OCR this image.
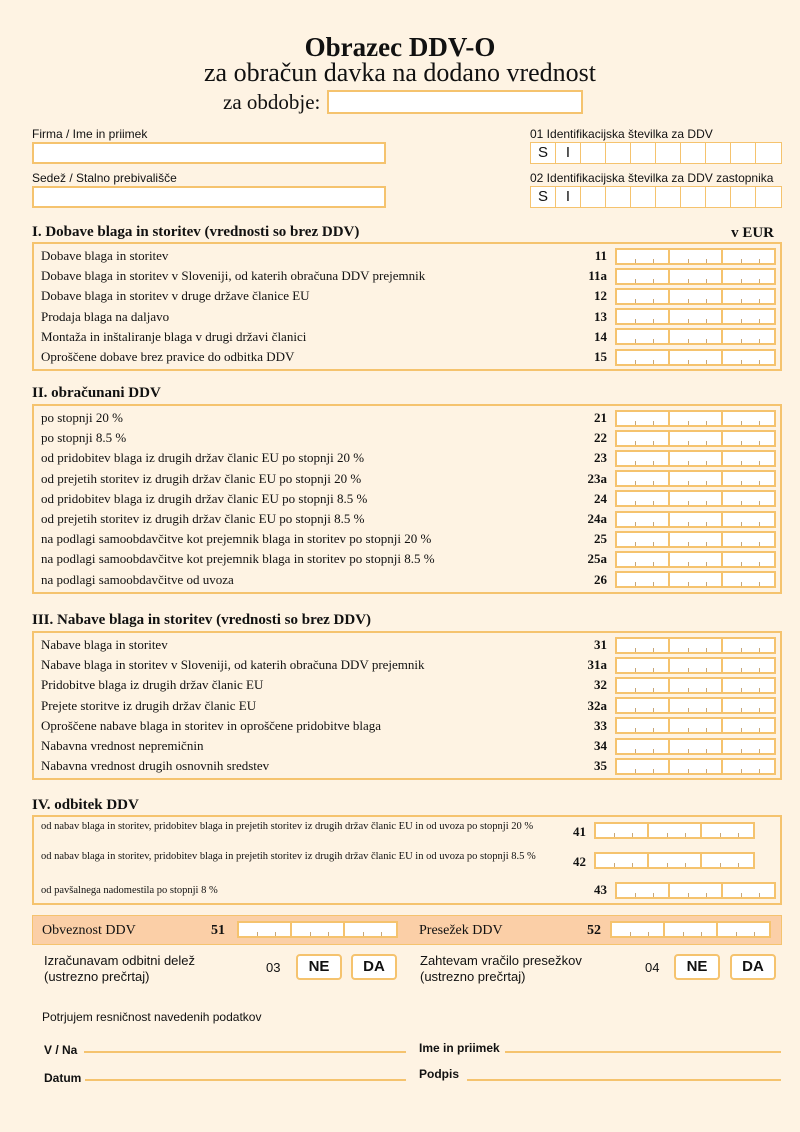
Obrazec DDV-O
za obračun davka na dodano vrednost
za obdobje:
Firma / Ime in priimek
Sedež / Stalno prebivališče
01 Identifikacijska številka za DDV
S	I
02 Identifikacijska številka za DDV zastopnika
S	I
I. Dobave blaga in storitev (vrednosti so brez DDV)	v EUR
Dobave blaga in storitev	11
Dobave blaga in storitev v Sloveniji, od katerih obračuna DDV prejemnik	11a
Dobave blaga in storitev v druge države članice EU	12
Prodaja blaga na daljavo	13
Montaža in inštaliranje blaga v drugi državi članici	14
Oproščene dobave brez pravice do odbitka DDV	15
II. obračunani DDV
po stopnji 20 %	21
po stopnji 8.5 %	22
od pridobitev blaga iz drugih držav članic EU po stopnji 20 %	23
od prejetih storitev iz drugih držav članic EU po stopnji 20 %	23a
od pridobitev blaga iz drugih držav članic EU po stopnji 8.5 %	24
od prejetih storitev iz drugih držav članic EU po stopnji 8.5 %	24a
na podlagi samoobdavčitve kot prejemnik blaga in storitev po stopnji 20 %	25
na podlagi samoobdavčitve kot prejemnik blaga in storitev po stopnji 8.5 %	25a
na podlagi samoobdavčitve od uvoza	26
III. Nabave blaga in storitev (vrednosti so brez DDV)
Nabave blaga in storitev	31
Nabave blaga in storitev v Sloveniji, od katerih obračuna DDV prejemnik	31a
Pridobitve blaga iz drugih držav članic EU	32
Prejete storitve iz drugih držav članic EU	32a
Oproščene nabave blaga in storitev in oproščene pridobitve blaga	33
Nabavna vrednost nepremičnin	34
Nabavna vrednost drugih osnovnih sredstev	35
IV. odbitek DDV
od nabav blaga in storitev, pridobitev blaga in prejetih storitev iz drugih držav članic EU in od uvoza po stopnji 20 %	41
od nabav blaga in storitev, pridobitev blaga in prejetih storitev iz drugih držav članic EU in od uvoza po stopnji 8.5 %	42
od pavšalnega nadomestila po stopnji 8 %	43
Obveznost DDV	51	Presežek DDV	52
Izračunavam odbitni delež
(ustrezno prečrtaj)
03	NE	DA	Zahtevam vračilo presežkov
(ustrezno prečrtaj)
04	NE	DA
Potrjujem resničnost navedenih podatkov
V / Na	Ime in priimek
Datum	Podpis
